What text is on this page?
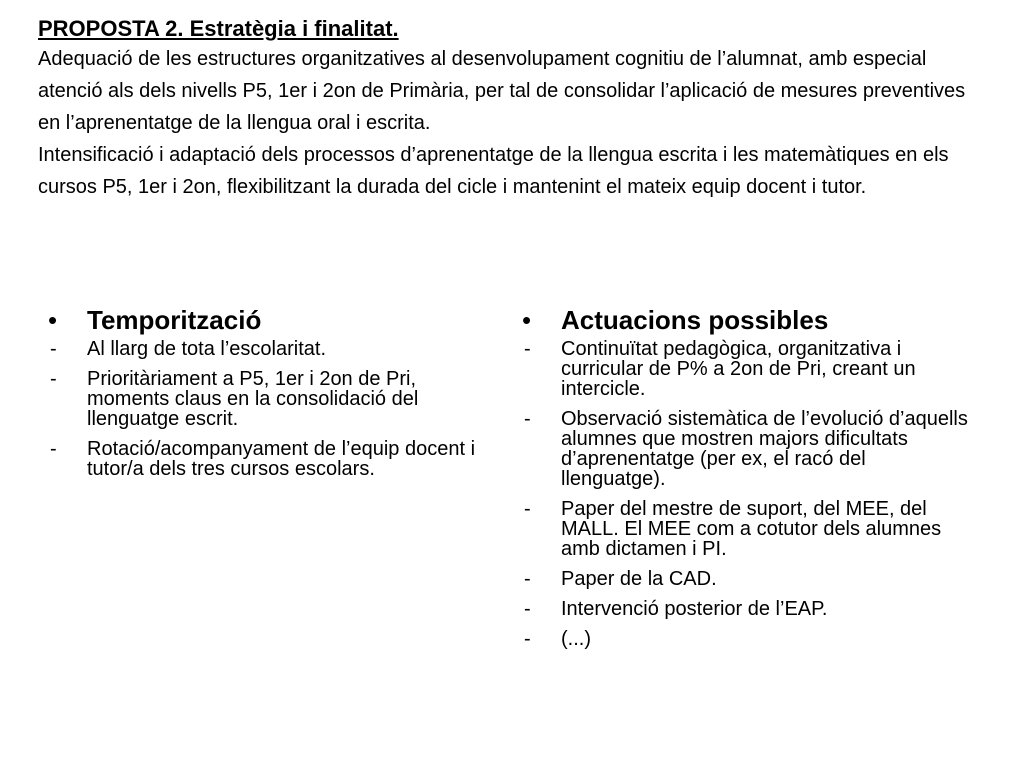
PROPOSTA 2. Estratègia i finalitat.

Adequació de les estructures organitzatives al desenvolupament cognitiu de l’alumnat, amb especial atenció als dels nivells P5, 1er i 2on de Primària, per tal de consolidar l’aplicació de mesures preventives en l’aprenentatge de la llengua oral i escrita.

Intensificació i adaptació dels processos d’aprenentatge de la llengua escrita i les matemàtiques en els cursos P5, 1er i 2on, flexibilitzant la durada del cicle i mantenint el mateix equip docent i tutor.

•	Temporització
-	Al llarg de tota l’escolaritat.
-	Prioritàriament a P5, 1er i 2on de Pri, moments claus en la consolidació del llenguatge escrit.
-	Rotació/acompanyament de l’equip docent i tutor/a dels tres cursos escolars.
•	Actuacions possibles
-	Continuïtat pedagògica, organitzativa i curricular de P% a 2on de Pri, creant un intercicle.
-	Observació sistemàtica de l’evolució d’aquells alumnes que mostren majors dificultats d’aprenentatge (per ex, el racó del llenguatge).
-	Paper del mestre de suport, del MEE, del MALL. El MEE com a cotutor dels alumnes amb dictamen i PI.
-	Paper de la CAD.
-	Intervenció posterior de l’EAP.
-	(...)
